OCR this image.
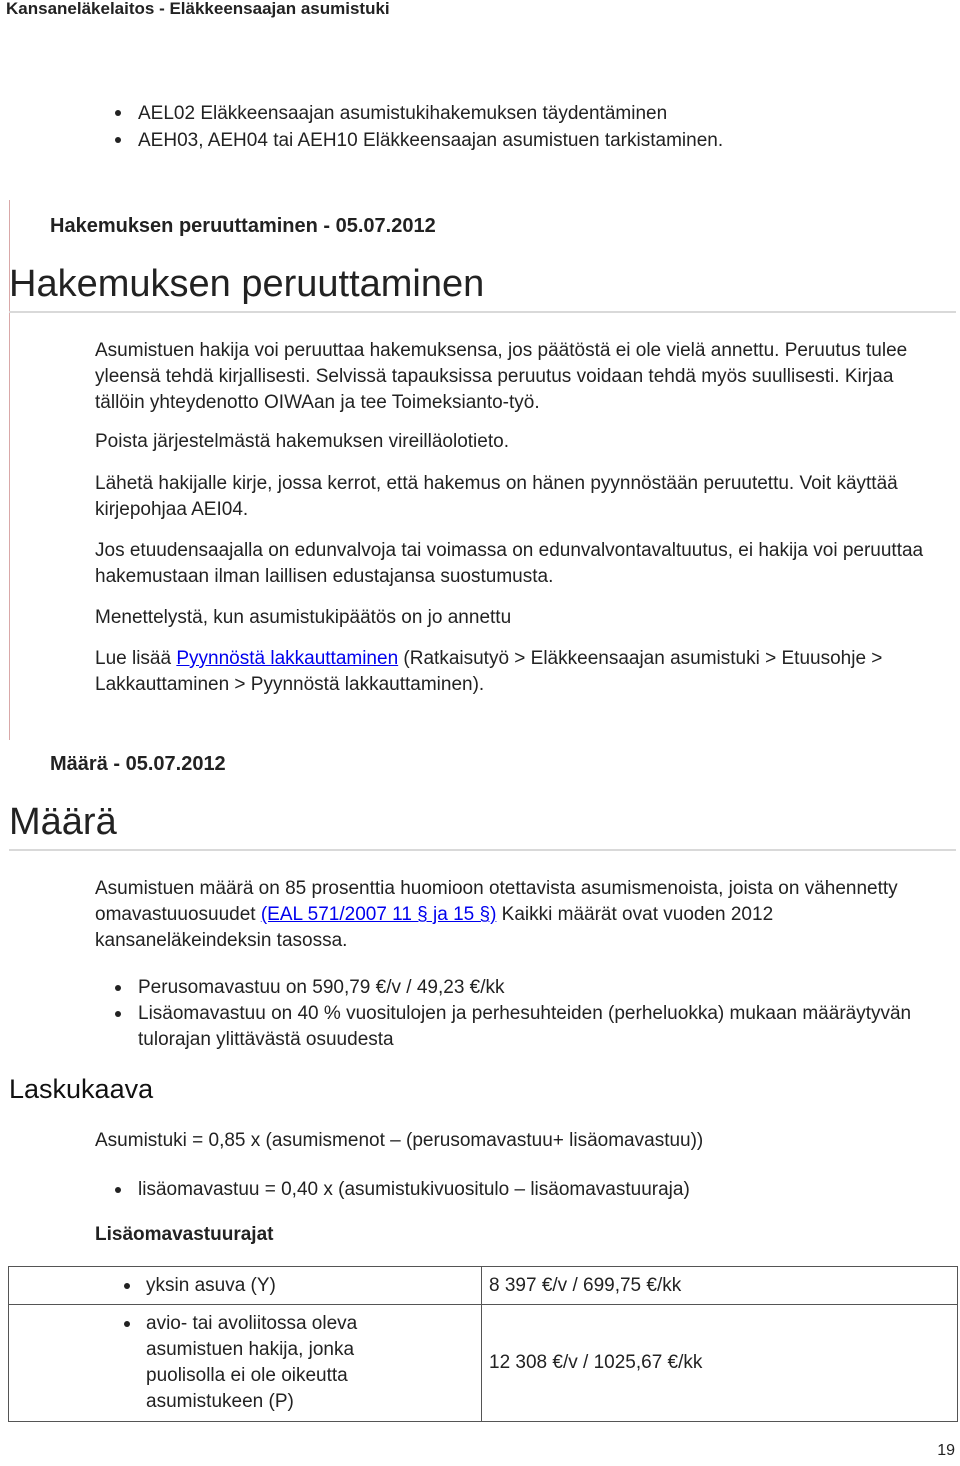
Kansaneläkelaitos - Eläkkeensaajan asumistuki
AEL02 Eläkkeensaajan asumistukihakemuksen täydentäminen
AEH03, AEH04 tai AEH10 Eläkkeensaajan asumistuen tarkistaminen.
Hakemuksen peruuttaminen - 05.07.2012
Hakemuksen peruuttaminen

Asumistuen hakija voi peruuttaa hakemuksensa, jos päätöstä ei ole vielä annettu. Peruutus tulee yleensä tehdä kirjallisesti. Selvissä tapauksissa peruutus voidaan tehdä myös suullisesti. Kirjaa tällöin yhteydenotto OIWAan ja tee Toimeksianto-työ.

Poista järjestelmästä hakemuksen vireilläolotieto.

Lähetä hakijalle kirje, jossa kerrot, että hakemus on hänen pyynnöstään peruutettu. Voit käyttää kirjepohjaa AEI04.

Jos etuudensaajalla on edunvalvoja tai voimassa on edunvalvontavaltuutus, ei hakija voi peruuttaa hakemustaan ilman laillisen edustajansa suostumusta.

Menettelystä, kun asumistukipäätös on jo annettu

Lue lisää Pyynnöstä lakkauttaminen (Ratkaisutyö > Eläkkeensaajan asumistuki > Etuusohje > Lakkauttaminen > Pyynnöstä lakkauttaminen).

Määrä - 05.07.2012
Määrä

Asumistuen määrä on 85 prosenttia huomioon otettavista asumismenoista, joista on vähennetty omavastuuosuudet (EAL 571/2007 11 § ja 15 §) Kaikki määrät ovat vuoden 2012 kansaneläkeindeksin tasossa.

Perusomavastuu on 590,79 €/v / 49,23 €/kk
Lisäomavastuu on 40 % vuositulojen ja perhesuhteiden (perheluokka) mukaan määräytyvän tulorajan ylittävästä osuudesta
Laskukaava

Asumistuki = 0,85 x (asumismenot – (perusomavastuu+ lisäomavastuu))

lisäomavastuu = 0,40 x (asumistukivuositulo – lisäomavastuuraja)
Lisäomavastuurajat
yksin asuva (Y)	8 397 €/v / 699,75 €/kk

avio- tai avoliitossa oleva asumistuen hakija, jonka puolisolla ei ole oikeutta asumistukeen (P)	12 308 €/v / 1025,67 €/kk
19
